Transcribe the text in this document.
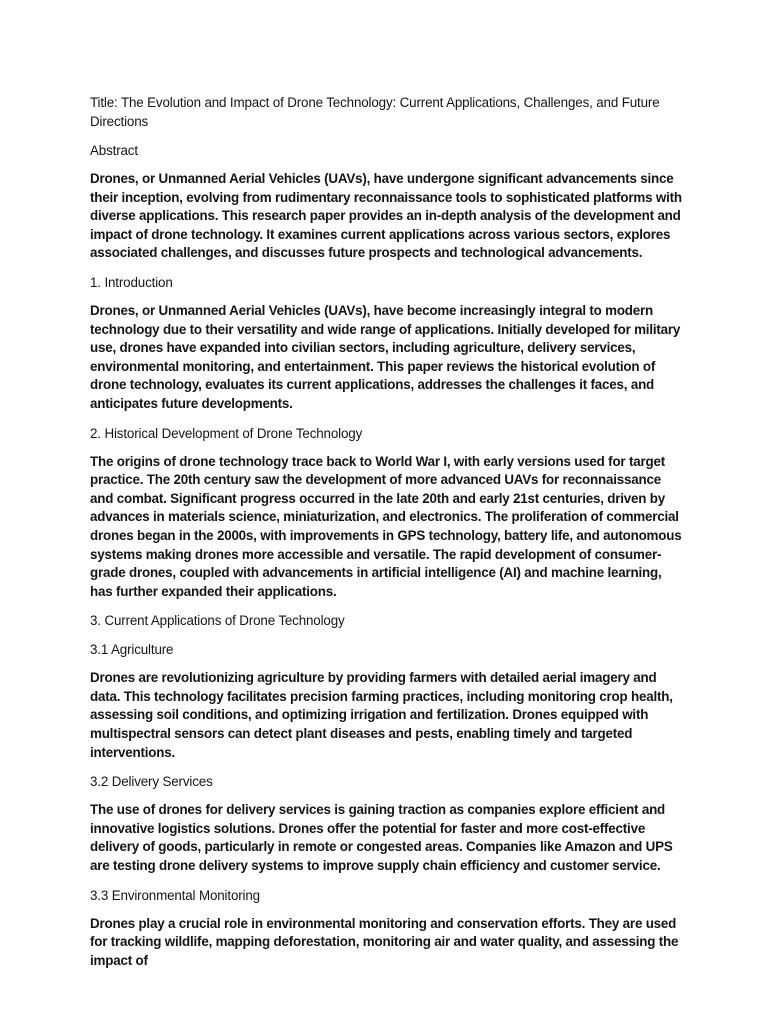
Title: The Evolution and Impact of Drone Technology: Current Applications, Challenges, and Future Directions

Abstract

Drones, or Unmanned Aerial Vehicles (UAVs), have undergone significant advancements since their inception, evolving from rudimentary reconnaissance tools to sophisticated platforms with diverse applications. This research paper provides an in-depth analysis of the development and impact of drone technology. It examines current applications across various sectors, explores associated challenges, and discusses future prospects and technological advancements.

1. Introduction

Drones, or Unmanned Aerial Vehicles (UAVs), have become increasingly integral to modern technology due to their versatility and wide range of applications. Initially developed for military use, drones have expanded into civilian sectors, including agriculture, delivery services, environmental monitoring, and entertainment. This paper reviews the historical evolution of drone technology, evaluates its current applications, addresses the challenges it faces, and anticipates future developments.

2. Historical Development of Drone Technology

The origins of drone technology trace back to World War I, with early versions used for target practice. The 20th century saw the development of more advanced UAVs for reconnaissance and combat. Significant progress occurred in the late 20th and early 21st centuries, driven by advances in materials science, miniaturization, and electronics. The proliferation of commercial drones began in the 2000s, with improvements in GPS technology, battery life, and autonomous systems making drones more accessible and versatile. The rapid development of consumer-grade drones, coupled with advancements in artificial intelligence (AI) and machine learning, has further expanded their applications.

3. Current Applications of Drone Technology

3.1 Agriculture

Drones are revolutionizing agriculture by providing farmers with detailed aerial imagery and data. This technology facilitates precision farming practices, including monitoring crop health, assessing soil conditions, and optimizing irrigation and fertilization. Drones equipped with multispectral sensors can detect plant diseases and pests, enabling timely and targeted interventions.

3.2 Delivery Services

The use of drones for delivery services is gaining traction as companies explore efficient and innovative logistics solutions. Drones offer the potential for faster and more cost-effective delivery of goods, particularly in remote or congested areas. Companies like Amazon and UPS are testing drone delivery systems to improve supply chain efficiency and customer service.

3.3 Environmental Monitoring

Drones play a crucial role in environmental monitoring and conservation efforts. They are used for tracking wildlife, mapping deforestation, monitoring air and water quality, and assessing the impact of
